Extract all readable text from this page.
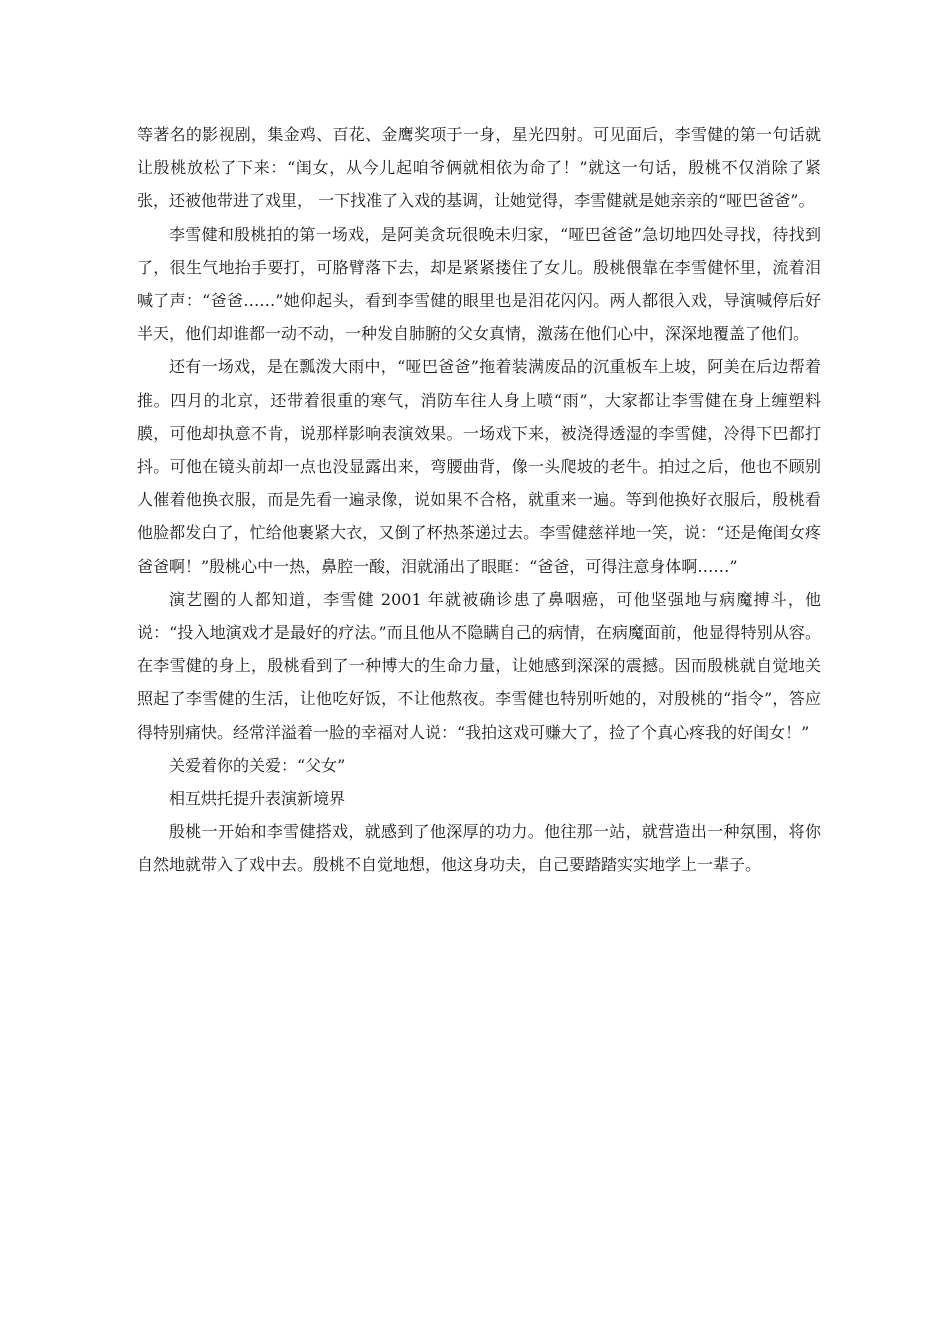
等著名的影视剧，集金鸡、百花、金鹰奖项于一身，星光四射。可见面后，李雪健的第一句话就让殷桃放松了下来：“闺女，从今儿起咱爷俩就相依为命了！”就这一句话，殷桃不仅消除了紧张，还被他带进了戏里， 一下找准了入戏的基调，让她觉得，李雪健就是她亲亲的“哑巴爸爸”。

李雪健和殷桃拍的第一场戏，是阿美贪玩很晚未归家，“哑巴爸爸”急切地四处寻找，待找到了，很生气地抬手要打，可胳臂落下去，却是紧紧搂住了女儿。殷桃偎靠在李雪健怀里，流着泪喊了声：“爸爸……”她仰起头，看到李雪健的眼里也是泪花闪闪。两人都很入戏，导演喊停后好半天，他们却谁都一动不动，一种发自肺腑的父女真情，激荡在他们心中，深深地覆盖了他们。

还有一场戏，是在瓢泼大雨中，“哑巴爸爸”拖着装满废品的沉重板车上坡，阿美在后边帮着推。四月的北京，还带着很重的寒气，消防车往人身上喷“雨”，大家都让李雪健在身上缠塑料膜，可他却执意不肯，说那样影响表演效果。一场戏下来，被浇得透湿的李雪健，冷得下巴都打抖。可他在镜头前却一点也没显露出来，弯腰曲背，像一头爬坡的老牛。拍过之后，他也不顾别人催着他换衣服，而是先看一遍录像，说如果不合格，就重来一遍。等到他换好衣服后，殷桃看他脸都发白了，忙给他裹紧大衣，又倒了杯热茶递过去。李雪健慈祥地一笑，说：“还是俺闺女疼爸爸啊！”殷桃心中一热，鼻腔一酸，泪就涌出了眼眶：“爸爸，可得注意身体啊……”

演艺圈的人都知道，李雪健 2001 年就被确诊患了鼻咽癌，可他坚强地与病魔搏斗，他说：“投入地演戏才是最好的疗法。”而且他从不隐瞒自己的病情，在病魔面前，他显得特别从容。在李雪健的身上，殷桃看到了一种博大的生命力量，让她感到深深的震撼。因而殷桃就自觉地关照起了李雪健的生活，让他吃好饭，不让他熬夜。李雪健也特别听她的，对殷桃的“指令”，答应得特别痛快。经常洋溢着一脸的幸福对人说：“我拍这戏可赚大了，捡了个真心疼我的好闺女！”

关爱着你的关爱：“父女”

相互烘托提升表演新境界

殷桃一开始和李雪健搭戏，就感到了他深厚的功力。他往那一站，就营造出一种氛围，将你自然地就带入了戏中去。殷桃不自觉地想，他这身功夫，自己要踏踏实实地学上一辈子。
